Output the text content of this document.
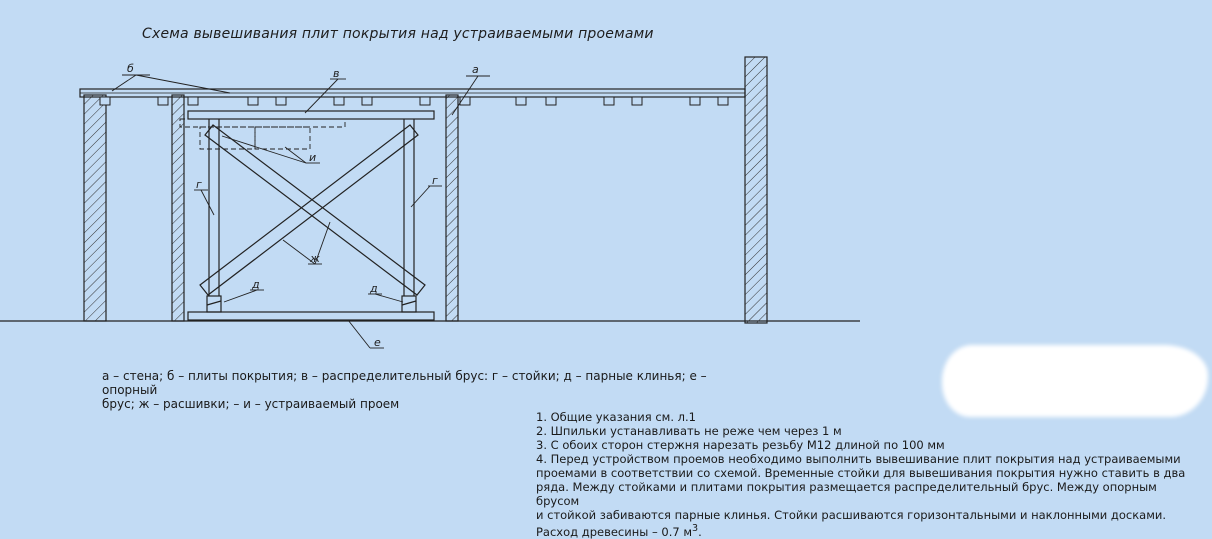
Схема вывешивания плит покрытия над устраиваемыми проемами
б	в	а
и
г	г
ж
д	д
е
а – стена; б – плиты покрытия; в – распределительный брус: г – стойки; д – парные клинья; е – опорный
брус; ж – расшивки; – и – устраиваемый проем

1. Общие указания см. л.1

2. Шпильки устанавливать не реже чем через 1 м

3. С обоих сторон стержня нарезать резьбу М12 длиной по 100 мм

4. Перед устройством проемов необходимо выполнить вывешивание плит покрытия над устраиваемыми

проемами в соответствии со схемой. Временные стойки для вывешивания покрытия нужно ставить в два

ряда. Между стойками и плитами покрытия размещается распределительный брус. Между опорным брусом

и стойкой забиваются парные клинья. Стойки расшиваются горизонтальными и наклонными досками.

Расход древесины – 0.7 $м^3$.
